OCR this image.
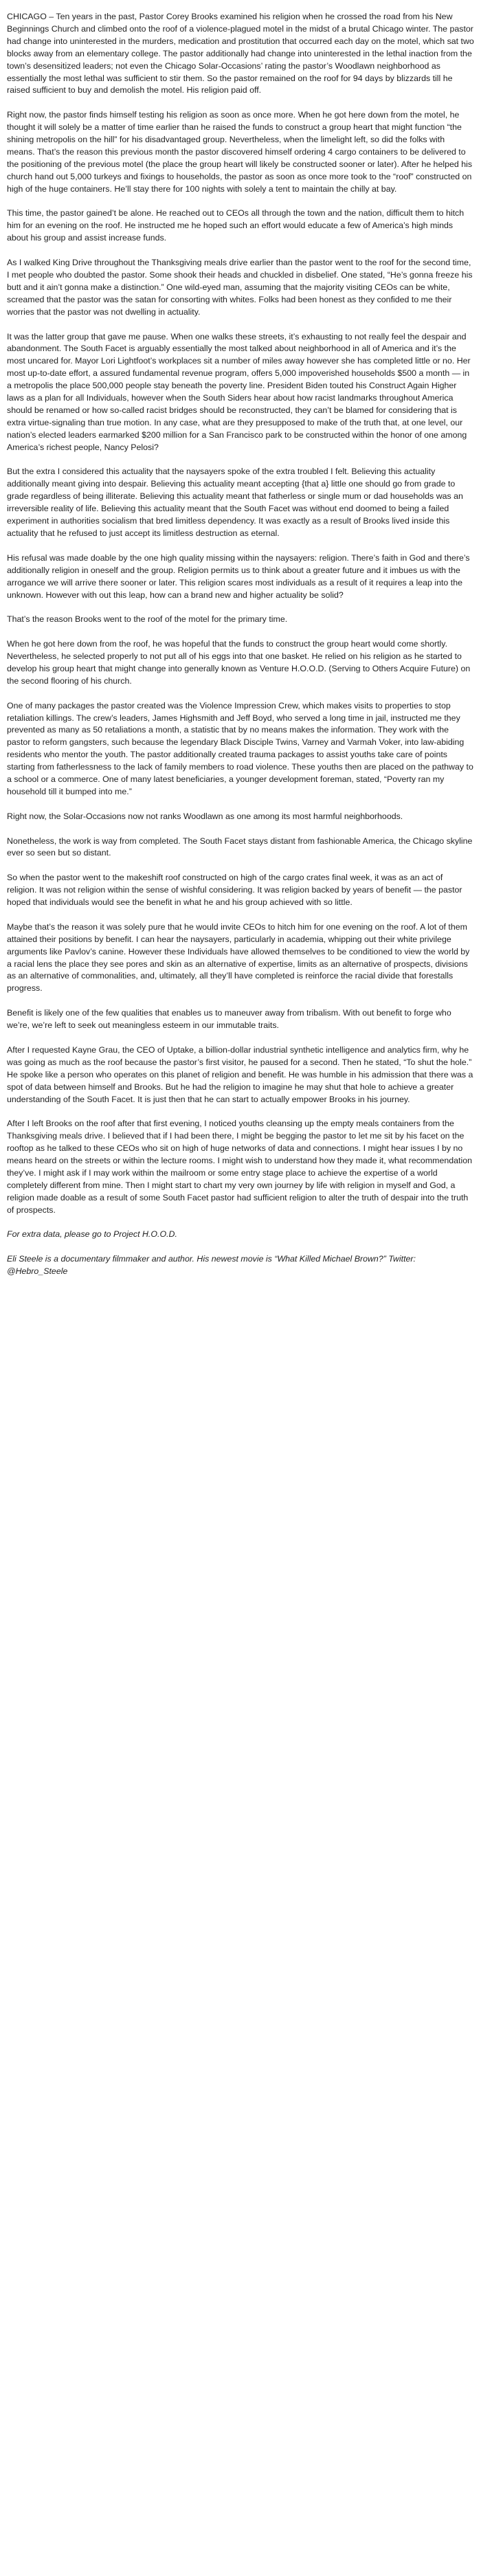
CHICAGO – Ten years in the past, Pastor Corey Brooks examined his religion when he crossed the road from his New Beginnings Church and climbed onto the roof of a violence-plagued motel in the midst of a brutal Chicago winter. The pastor had change into uninterested in the murders, medication and prostitution that occurred each day on the motel, which sat two blocks away from an elementary college. The pastor additionally had change into uninterested in the lethal inaction from the town’s desensitized leaders; not even the Chicago Solar-Occasions’ rating the pastor’s Woodlawn neighborhood as essentially the most lethal was sufficient to stir them. So the pastor remained on the roof for 94 days by blizzards till he raised sufficient to buy and demolish the motel. His religion paid off.

Right now, the pastor finds himself testing his religion as soon as once more. When he got here down from the motel, he thought it will solely be a matter of time earlier than he raised the funds to construct a group heart that might function “the shining metropolis on the hill” for his disadvantaged group. Nevertheless, when the limelight left, so did the folks with means. That’s the reason this previous month the pastor discovered himself ordering 4 cargo containers to be delivered to the positioning of the previous motel (the place the group heart will likely be constructed sooner or later). After he helped his church hand out 5,000 turkeys and fixings to households, the pastor as soon as once more took to the “roof” constructed on high of the huge containers. He’ll stay there for 100 nights with solely a tent to maintain the chilly at bay.

This time, the pastor gained’t be alone. He reached out to CEOs all through the town and the nation, difficult them to hitch him for an evening on the roof. He instructed me he hoped such an effort would educate a few of America’s high minds about his group and assist increase funds.

As I walked King Drive throughout the Thanksgiving meals drive earlier than the pastor went to the roof for the second time, I met people who doubted the pastor. Some shook their heads and chuckled in disbelief. One stated, “He’s gonna freeze his butt and it ain’t gonna make a distinction.” One wild-eyed man, assuming that the majority visiting CEOs can be white, screamed that the pastor was the satan for consorting with whites. Folks had been honest as they confided to me their worries that the pastor was not dwelling in actuality.

It was the latter group that gave me pause. When one walks these streets, it’s exhausting to not really feel the despair and abandonment. The South Facet is arguably essentially the most talked about neighborhood in all of America and it’s the most uncared for. Mayor Lori Lightfoot’s workplaces sit a number of miles away however she has completed little or no. Her most up-to-date effort, a assured fundamental revenue program, offers 5,000 impoverished households $500 a month — in a metropolis the place 500,000 people stay beneath the poverty line. President Biden touted his Construct Again Higher laws as a plan for all Individuals, however when the South Siders hear about how racist landmarks throughout America should be renamed or how so-called racist bridges should be reconstructed, they can’t be blamed for considering that is extra virtue-signaling than true motion. In any case, what are they presupposed to make of the truth that, at one level, our nation’s elected leaders earmarked $200 million for a San Francisco park to be constructed within the honor of one among America’s richest people, Nancy Pelosi?

But the extra I considered this actuality that the naysayers spoke of the extra troubled I felt. Believing this actuality additionally meant giving into despair. Believing this actuality meant accepting {that a} little one should go from grade to grade regardless of being illiterate. Believing this actuality meant that fatherless or single mum or dad households was an irreversible reality of life. Believing this actuality meant that the South Facet was without end doomed to being a failed experiment in authorities socialism that bred limitless dependency. It was exactly as a result of Brooks lived inside this actuality that he refused to just accept its limitless destruction as eternal.

His refusal was made doable by the one high quality missing within the naysayers: religion. There’s faith in God and there’s additionally religion in oneself and the group. Religion permits us to think about a greater future and it imbues us with the arrogance we will arrive there sooner or later. This religion scares most individuals as a result of it requires a leap into the unknown. However with out this leap, how can a brand new and higher actuality be solid?

That’s the reason Brooks went to the roof of the motel for the primary time.

When he got here down from the roof, he was hopeful that the funds to construct the group heart would come shortly. Nevertheless, he selected properly to not put all of his eggs into that one basket. He relied on his religion as he started to develop his group heart that might change into generally known as Venture H.O.O.D. (Serving to Others Acquire Future) on the second flooring of his church.

One of many packages the pastor created was the Violence Impression Crew, which makes visits to properties to stop retaliation killings. The crew’s leaders, James Highsmith and Jeff Boyd, who served a long time in jail, instructed me they prevented as many as 50 retaliations a month, a statistic that by no means makes the information. They work with the pastor to reform gangsters, such because the legendary Black Disciple Twins, Varney and Varmah Voker, into law-abiding residents who mentor the youth. The pastor additionally created trauma packages to assist youths take care of points starting from fatherlessness to the lack of family members to road violence. These youths then are placed on the pathway to a school or a commerce. One of many latest beneficiaries, a younger development foreman, stated, “Poverty ran my household till it bumped into me.”

Right now, the Solar-Occasions now not ranks Woodlawn as one among its most harmful neighborhoods.

Nonetheless, the work is way from completed. The South Facet stays distant from fashionable America, the Chicago skyline ever so seen but so distant.

So when the pastor went to the makeshift roof constructed on high of the cargo crates final week, it was as an act of religion. It was not religion within the sense of wishful considering. It was religion backed by years of benefit — the pastor hoped that individuals would see the benefit in what he and his group achieved with so little.

Maybe that’s the reason it was solely pure that he would invite CEOs to hitch him for one evening on the roof. A lot of them attained their positions by benefit. I can hear the naysayers, particularly in academia, whipping out their white privilege arguments like Pavlov’s canine. However these Individuals have allowed themselves to be conditioned to view the world by a racial lens the place they see pores and skin as an alternative of expertise, limits as an alternative of prospects, divisions as an alternative of commonalities, and, ultimately, all they’ll have completed is reinforce the racial divide that forestalls progress.

Benefit is likely one of the few qualities that enables us to maneuver away from tribalism. With out benefit to forge who we’re, we’re left to seek out meaningless esteem in our immutable traits.

After I requested Kayne Grau, the CEO of Uptake, a billion-dollar industrial synthetic intelligence and analytics firm, why he was going as much as the roof because the pastor’s first visitor, he paused for a second. Then he stated, “To shut the hole.” He spoke like a person who operates on this planet of religion and benefit. He was humble in his admission that there was a spot of data between himself and Brooks. But he had the religion to imagine he may shut that hole to achieve a greater understanding of the South Facet. It is just then that he can start to actually empower Brooks in his journey.

After I left Brooks on the roof after that first evening, I noticed youths cleansing up the empty meals containers from the Thanksgiving meals drive. I believed that if I had been there, I might be begging the pastor to let me sit by his facet on the rooftop as he talked to these CEOs who sit on high of huge networks of data and connections. I might hear issues I by no means heard on the streets or within the lecture rooms. I might wish to understand how they made it, what recommendation they’ve. I might ask if I may work within the mailroom or some entry stage place to achieve the expertise of a world completely different from mine. Then I might start to chart my very own journey by life with religion in myself and God, a religion made doable as a result of some South Facet pastor had sufficient religion to alter the truth of despair into the truth of prospects.

For extra data, please go to Project H.O.O.D.

Eli Steele is a documentary filmmaker and author. His newest movie is “What Killed Michael Brown?” Twitter: @Hebro_Steele
